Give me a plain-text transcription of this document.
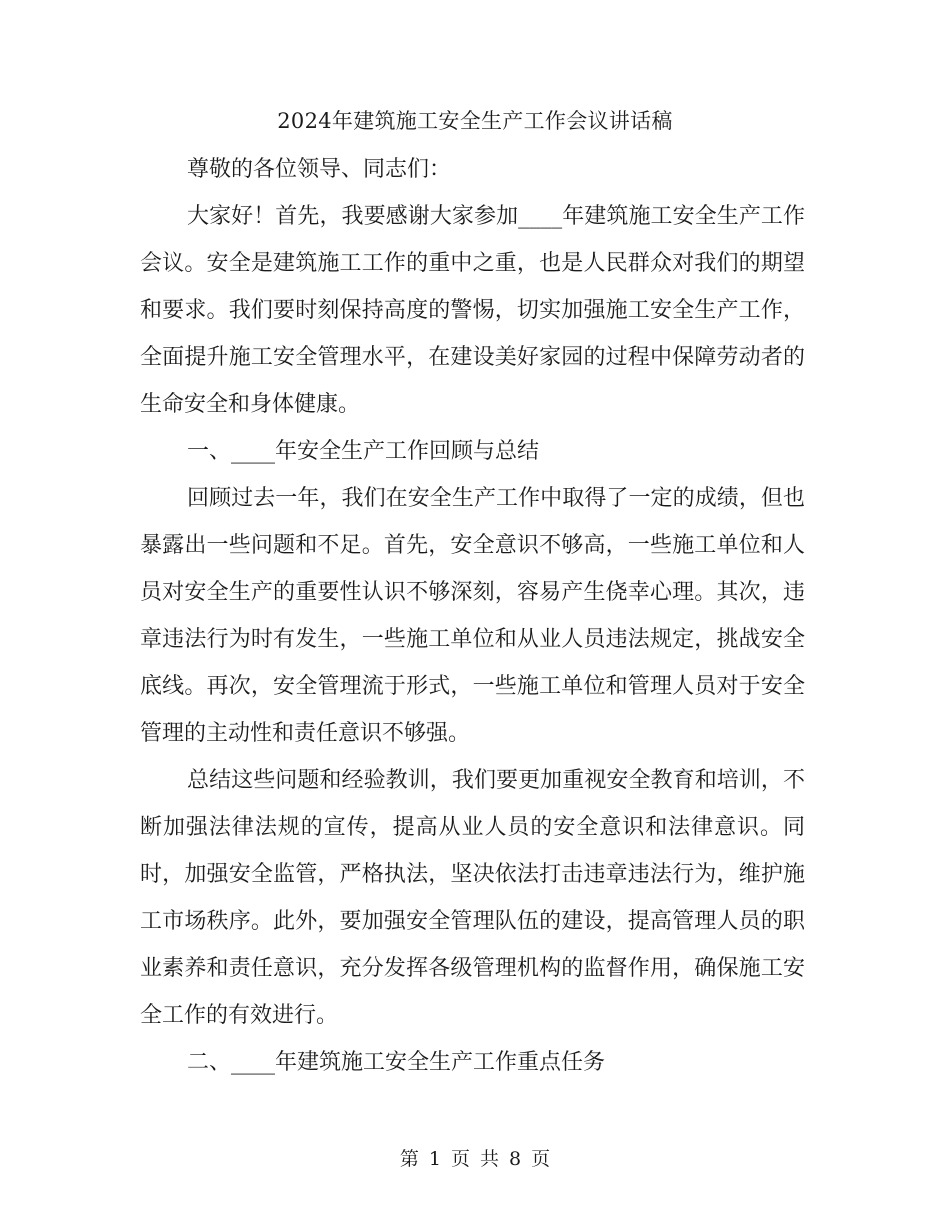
2024年建筑施工安全生产工作会议讲话稿

尊敬的各位领导、同志们：

大家好！首先，我要感谢大家参加____年建筑施工安全生产工作会议。安全是建筑施工工作的重中之重，也是人民群众对我们的期望和要求。我们要时刻保持高度的警惕，切实加强施工安全生产工作，全面提升施工安全管理水平，在建设美好家园的过程中保障劳动者的生命安全和身体健康。

一、____年安全生产工作回顾与总结

回顾过去一年，我们在安全生产工作中取得了一定的成绩，但也暴露出一些问题和不足。首先，安全意识不够高，一些施工单位和人员对安全生产的重要性认识不够深刻，容易产生侥幸心理。其次，违章违法行为时有发生，一些施工单位和从业人员违法规定，挑战安全底线。再次，安全管理流于形式，一些施工单位和管理人员对于安全管理的主动性和责任意识不够强。

总结这些问题和经验教训，我们要更加重视安全教育和培训，不断加强法律法规的宣传，提高从业人员的安全意识和法律意识。同时，加强安全监管，严格执法，坚决依法打击违章违法行为，维护施工市场秩序。此外，要加强安全管理队伍的建设，提高管理人员的职业素养和责任意识，充分发挥各级管理机构的监督作用，确保施工安全工作的有效进行。

二、____年建筑施工安全生产工作重点任务

第 1 页 共 8 页
